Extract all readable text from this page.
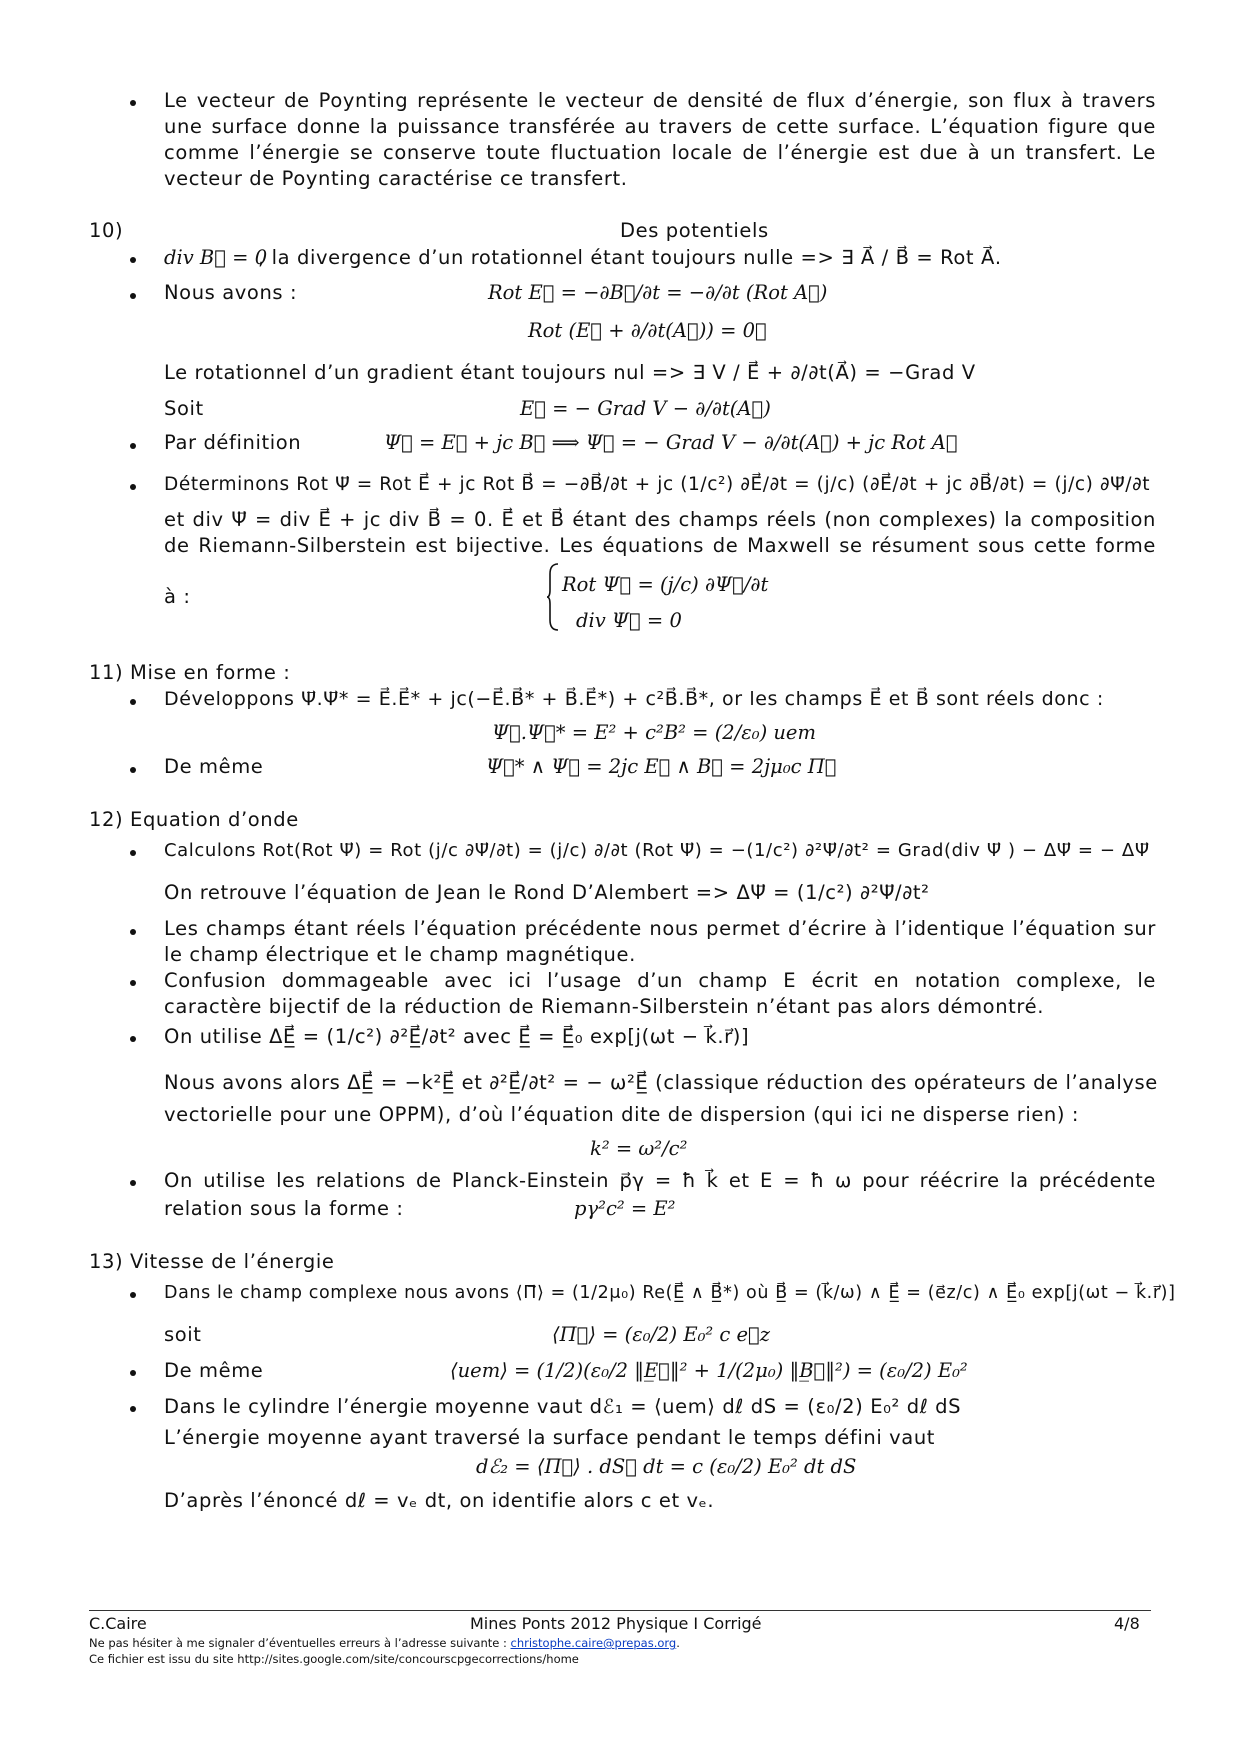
Le vecteur de Poynting représente le vecteur de densité de flux d’énergie, son flux à travers
une surface donne la puissance transférée au travers de cette surface. L’équation figure que
comme l’énergie se conserve toute fluctuation locale de l’énergie est due à un transfert. Le
vecteur de Poynting caractérise ce transfert.
10)	Des potentiels
div B⃗ = 0
, la divergence d’un rotationnel étant toujours nulle => ∃ A⃗ / B⃗ = Rot A⃗.
Nous avons :	Rot E⃗ = −∂B⃗/∂t = −∂/∂t (Rot A⃗)
Rot (E⃗ + ∂/∂t(A⃗)) = 0⃗
Le rotationnel d’un gradient étant toujours nul => ∃ V / E⃗ + ∂/∂t(A⃗) = −Grad V
Soit	E⃗ = − Grad V − ∂/∂t(A⃗)
Par définition	Ψ⃗ = E⃗ + jc B⃗ ⟹ Ψ⃗ = − Grad V − ∂/∂t(A⃗) + jc Rot A⃗
Déterminons Rot Ψ⃗ = Rot E⃗ + jc Rot B⃗ = −∂B⃗/∂t + jc (1/c²) ∂E⃗/∂t = (j/c) (∂E⃗/∂t + jc ∂B⃗/∂t) = (j/c) ∂Ψ⃗/∂t
et div Ψ⃗ = div E⃗ + jc div B⃗ = 0. E⃗ et B⃗ étant des champs réels (non complexes) la composition
de Riemann-Silberstein est bijective. Les équations de Maxwell se résument sous cette forme
à :
Rot Ψ⃗ = (j/c) ∂Ψ⃗/∂t
div Ψ⃗ = 0
11) Mise en forme :
Développons Ψ⃗.Ψ⃗* = E⃗.E⃗* + jc(−E⃗.B⃗* + B⃗.E⃗*) + c²B⃗.B⃗*, or les champs E⃗ et B⃗ sont réels donc :
Ψ⃗.Ψ⃗* = E² + c²B² = (2/ε₀) uem
De même	Ψ⃗* ∧ Ψ⃗ = 2jc E⃗ ∧ B⃗ = 2jμ₀c Π⃗
12) Equation d’onde
Calculons Rot(Rot Ψ⃗) = Rot (j/c ∂Ψ⃗/∂t) = (j/c) ∂/∂t (Rot Ψ⃗) = −(1/c²) ∂²Ψ⃗/∂t² = Grad(div Ψ⃗ ) − ΔΨ⃗ = − ΔΨ⃗
On retrouve l’équation de Jean le Rond D’Alembert => ΔΨ⃗ = (1/c²) ∂²Ψ⃗/∂t²
Les champs étant réels l’équation précédente nous permet d’écrire à l’identique l’équation sur
le champ électrique et le champ magnétique.
Confusion dommageable avec ici l’usage d’un champ E écrit en notation complexe, le
caractère bijectif de la réduction de Riemann-Silberstein n’étant pas alors démontré.
On utilise ΔE̲⃗ = (1/c²) ∂²E̲⃗/∂t² avec E̲⃗ = E̲⃗₀ exp[j(ωt − k⃗.r⃗)]
Nous avons alors ΔE̲⃗ = −k²E̲⃗ et ∂²E̲⃗/∂t² = − ω²E̲⃗ (classique réduction des opérateurs de l’analyse
vectorielle pour une OPPM), d’où l’équation dite de dispersion (qui ici ne disperse rien) :
k² = ω²/c²
On utilise les relations de Planck-Einstein p⃗γ = ħ k⃗ et E = ħ ω pour réécrire la précédente
relation sous la forme :	pγ²c² = E²
13) Vitesse de l’énergie
Dans le champ complexe nous avons ⟨Π⃗⟩ = (1/2μ₀) Re(E̲⃗ ∧ B̲⃗*) où B̲⃗ = (k⃗/ω) ∧ E̲⃗ = (e⃗z/c) ∧ E̲⃗₀ exp[j(ωt − k⃗.r⃗)]
soit	⟨Π⃗⟩ = (ε₀/2) E₀² c e⃗z
De même	⟨uem⟩ = (1/2)(ε₀/2 ‖E̲⃗‖² + 1/(2μ₀) ‖B̲⃗‖²) = (ε₀/2) E₀²
Dans le cylindre l’énergie moyenne vaut dℰ₁ = ⟨uem⟩ dℓ dS = (ε₀/2) E₀² dℓ dS
L’énergie moyenne ayant traversé la surface pendant le temps défini vaut
dℰ₂ = ⟨Π⃗⟩ . dS⃗ dt = c (ε₀/2) E₀² dt dS
D’après l’énoncé dℓ = vₑ dt, on identifie alors c et vₑ.
C.Caire	Mines Ponts 2012 Physique I Corrigé	4/8
Ne pas hésiter à me signaler d’éventuelles erreurs à l’adresse suivante : christophe.caire@prepas.org.
Ce fichier est issu du site http://sites.google.com/site/concourscpgecorrections/home
